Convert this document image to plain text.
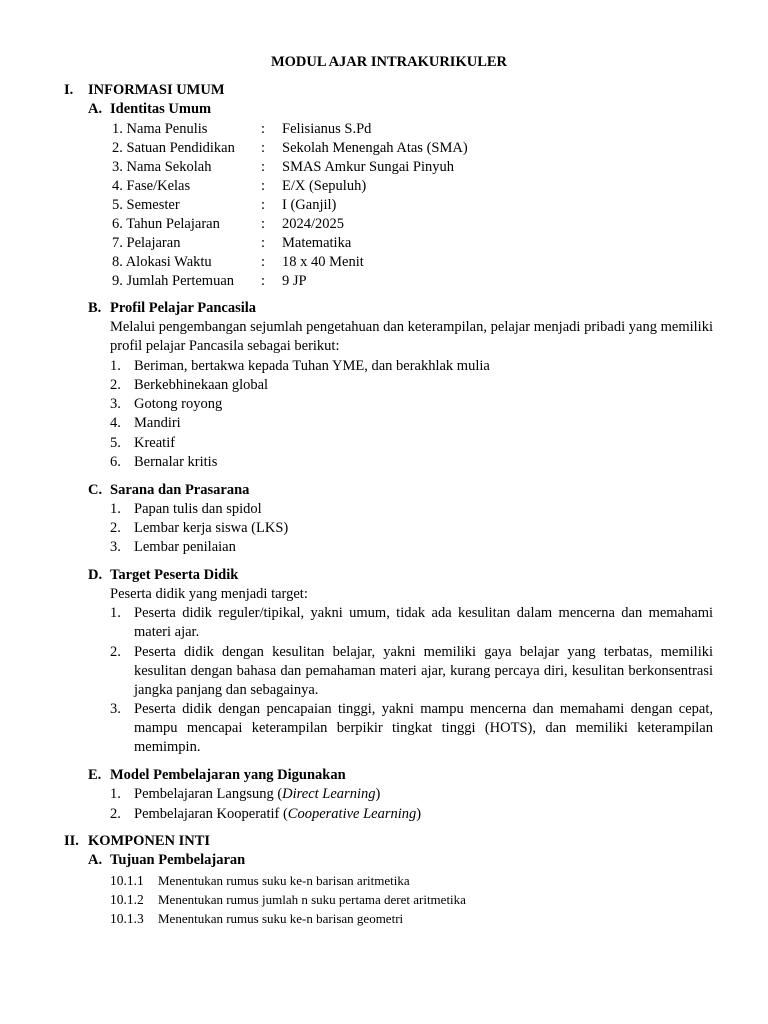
MODUL AJAR INTRAKURIKULER
I. INFORMASI UMUM
A. Identitas Umum
1. Nama Penulis	: Felisianus S.Pd
2. Satuan Pendidikan : Sekolah Menengah Atas (SMA)
3. Nama Sekolah	: SMAS Amkur Sungai Pinyuh
4. Fase/Kelas	: E/X (Sepuluh)
5. Semester	: I (Ganjil)
6. Tahun Pelajaran	: 2024/2025
7. Pelajaran	: Matematika
8. Alokasi Waktu	: 18 x 40 Menit
9. Jumlah Pertemuan : 9 JP
B. Profil Pelajar Pancasila
Melalui pengembangan sejumlah pengetahuan dan keterampilan, pelajar menjadi pribadi yang memiliki profil pelajar Pancasila sebagai berikut:
1. Beriman, bertakwa kepada Tuhan YME, dan berakhlak mulia
2. Berkebhinekaan global
3. Gotong royong
4. Mandiri
5. Kreatif
6. Bernalar kritis
C. Sarana dan Prasarana
1. Papan tulis dan spidol
2. Lembar kerja siswa (LKS)
3. Lembar penilaian
D. Target Peserta Didik
Peserta didik yang menjadi target:
1. Peserta didik reguler/tipikal, yakni umum, tidak ada kesulitan dalam mencerna dan memahami materi ajar.
2. Peserta didik dengan kesulitan belajar, yakni memiliki gaya belajar yang terbatas, memiliki kesulitan dengan bahasa dan pemahaman materi ajar, kurang percaya diri, kesulitan berkonsentrasi jangka panjang dan sebagainya.
3. Peserta didik dengan pencapaian tinggi, yakni mampu mencerna dan memahami dengan cepat, mampu mencapai keterampilan berpikir tingkat tinggi (HOTS), dan memiliki keterampilan memimpin.
E. Model Pembelajaran yang Digunakan
1. Pembelajaran Langsung (Direct Learning)
2. Pembelajaran Kooperatif (Cooperative Learning)
II. KOMPONEN INTI
A. Tujuan Pembelajaran
10.1.1 Menentukan rumus suku ke-n barisan aritmetika
10.1.2 Menentukan rumus jumlah n suku pertama deret aritmetika
10.1.3 Menentukan rumus suku ke-n barisan geometri
